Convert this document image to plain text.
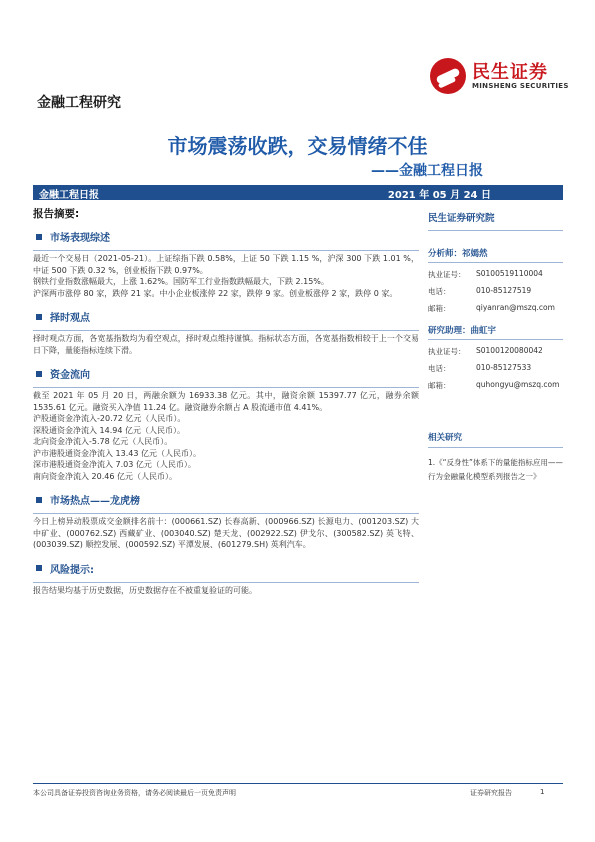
金融工程研究
民生证券
MINSHENG SECURITIES
市场震荡收跌，交易情绪不佳
——金融工程日报
金融工程日报	2021 年 05 月 24 日
报告摘要:
市场表现综述

最近一个交易日（2021-05-21）。上证综指下跌 0.58%，上证 50 下跌 1.15 %，沪深 300 下跌 1.01 %，中证 500 下跌 0.32 %，创业板指下跌 0.97%。

钢铁行业指数涨幅最大，上涨 1.62%。国防军工行业指数跌幅最大，下跌 2.15%。

沪深两市涨停 80 家，跌停 21 家。中小企业板涨停 22 家，跌停 9 家。创业板涨停 2 家，跌停 0 家。

择时观点

择时观点方面，各宽基指数均为看空观点，择时观点维持谨慎。指标状态方面，各宽基指数相较于上一个交易日下降，量能指标连续下滑。

资金流向

截至 2021 年 05 月 20 日，两融余额为 16933.38 亿元。其中，融资余额 15397.77 亿元，融券余额 1535.61 亿元。融资买入净值 11.24 亿。融资融券余额占 A 股流通市值 4.41%。

沪股通资金净流入-20.72 亿元（人民币）。

深股通资金净流入 14.94 亿元（人民币）。

北向资金净流入-5.78 亿元（人民币）。

沪市港股通资金净流入 13.43 亿元（人民币）。

深市港股通资金净流入 7.03 亿元（人民币）。

南向资金净流入 20.46 亿元（人民币）。

市场热点——龙虎榜

今日上榜异动股票成交金额排名前十：(000661.SZ) 长春高新、(000966.SZ) 长源电力、(001203.SZ) 大中矿业、(000762.SZ) 西藏矿业、(003040.SZ) 楚天龙、(002922.SZ) 伊戈尔、(300582.SZ) 英飞特、(003039.SZ) 顺控发展、(000592.SZ) 平潭发展、(601279.SH) 英利汽车。

风险提示:

报告结果均基于历史数据，历史数据存在不被重复验证的可能。

民生证券研究院
分析师：祁嫣然
执业证号：	S0100519110004
电话：	010-85127519
邮箱：	qiyanran@mszq.com
研究助理：曲虹宇
执业证号：	S0100120080042
电话：	010-85127533
邮箱：	quhongyu@mszq.com
相关研究
1.《“反身性”体系下的量能指标应用——行为金融量化模型系列报告之一》
本公司具备证券投资咨询业务资格，请务必阅读最后一页免责声明	证券研究报告	1
